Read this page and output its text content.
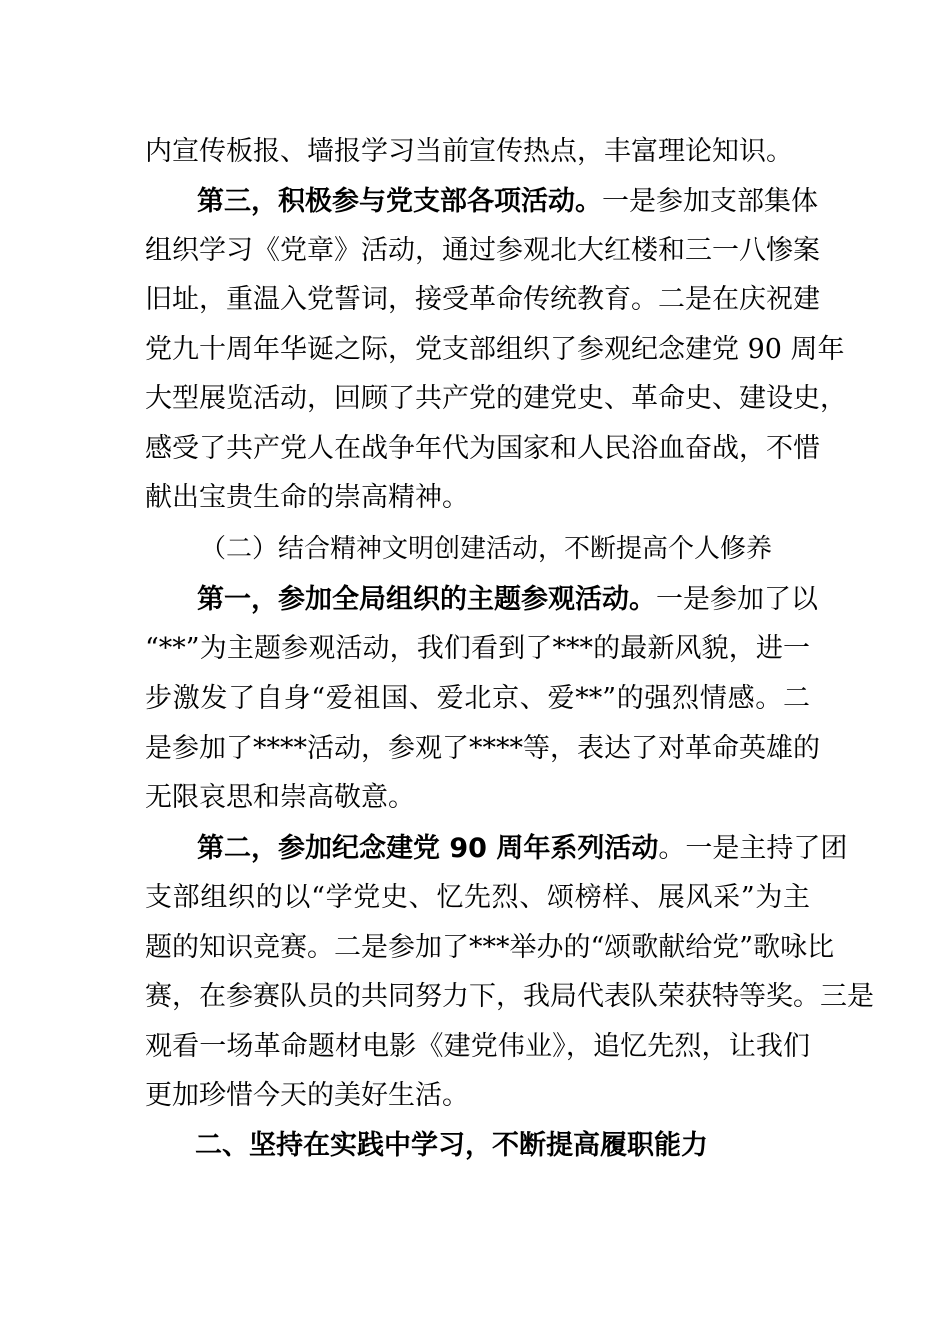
内宣传板报、墙报学习当前宣传热点，丰富理论知识。
第三，积极参与党支部各项活动。一是参加支部集体
组织学习《党章》活动，通过参观北大红楼和三一八惨案
旧址，重温入党誓词，接受革命传统教育。二是在庆祝建
党九十周年华诞之际，党支部组织了参观纪念建党 90 周年
大型展览活动，回顾了共产党的建党史、革命史、建设史，
感受了共产党人在战争年代为国家和人民浴血奋战，不惜
献出宝贵生命的崇高精神。
（二）结合精神文明创建活动，不断提高个人修养
第一，参加全局组织的主题参观活动。一是参加了以
“**”为主题参观活动，我们看到了***的最新风貌，进一
步激发了自身“爱祖国、爱北京、爱**”的强烈情感。二
是参加了****活动，参观了****等，表达了对革命英雄的
无限哀思和崇高敬意。
第二，参加纪念建党 90 周年系列活动。一是主持了团
支部组织的以“学党史、忆先烈、颂榜样、展风采”为主
题的知识竞赛。二是参加了***举办的“颂歌献给党”歌咏比
赛，在参赛队员的共同努力下，我局代表队荣获特等奖。三是
观看一场革命题材电影《建党伟业》，追忆先烈，让我们
更加珍惜今天的美好生活。
二、坚持在实践中学习，不断提高履职能力
